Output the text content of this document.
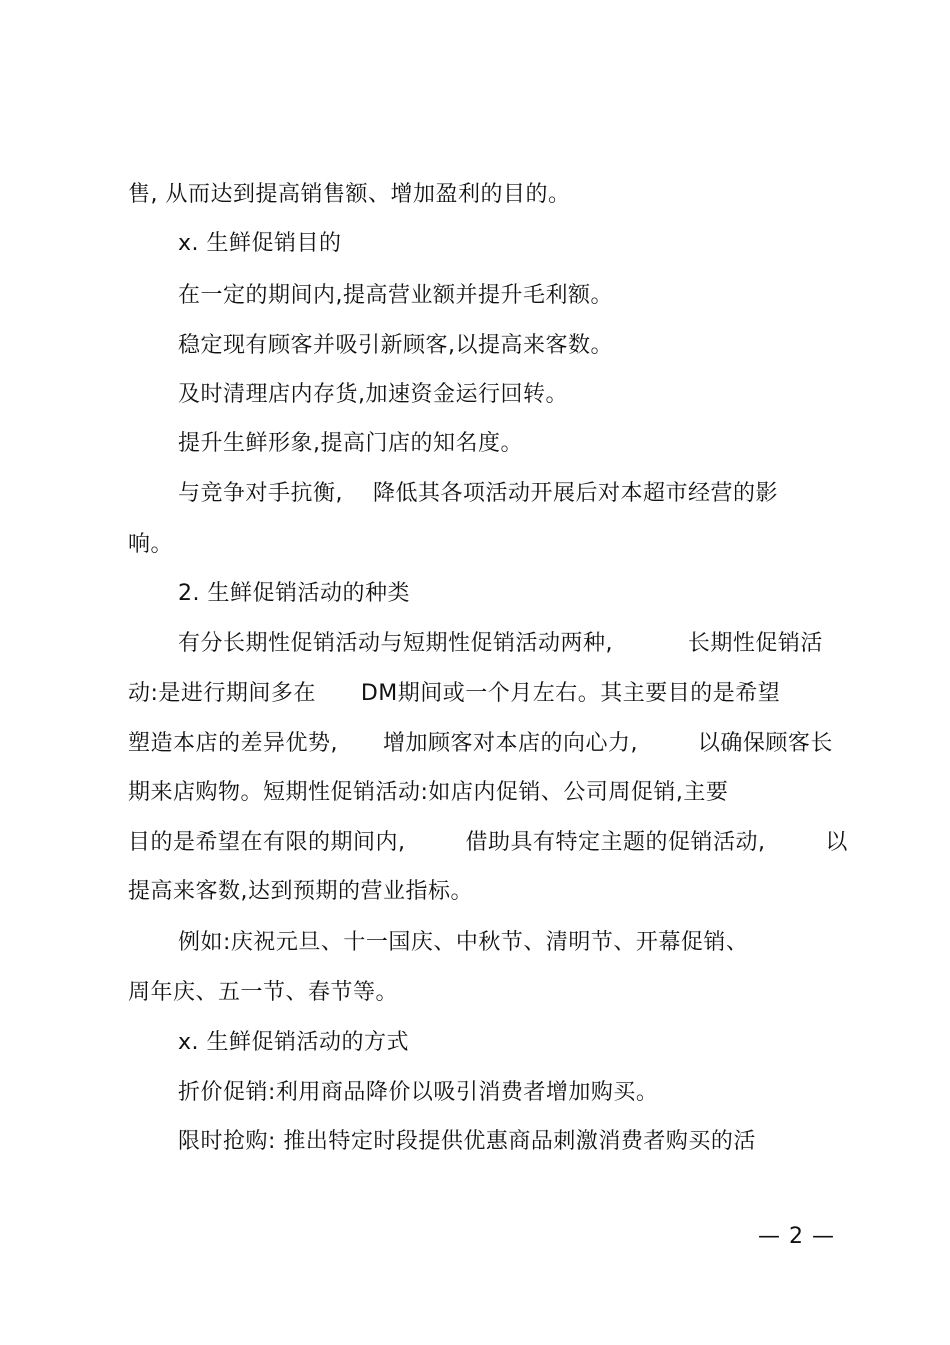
售, 从而达到提高销售额、增加盈利的目的。
x. 生鲜促销目的
在一定的期间内,提高营业额并提升毛利额。
稳定现有顾客并吸引新顾客,以提高来客数。
及时清理店内存货,加速资金运行回转。
提升生鲜形象,提高门店的知名度。
与竞争对手抗衡,    降低其各项活动开展后对本超市经营的影
响。
2. 生鲜促销活动的种类
有分长期性促销活动与短期性促销活动两种,          长期性促销活
动:是进行期间多在      DM期间或一个月左右。其主要目的是希望
塑造本店的差异优势,      增加顾客对本店的向心力,        以确保顾客长
期来店购物。短期性促销活动:如店内促销、公司周促销,主要
目的是希望在有限的期间内,        借助具有特定主题的促销活动,        以
提高来客数,达到预期的营业指标。
例如:庆祝元旦、十一国庆、中秋节、清明节、开幕促销、
周年庆、五一节、春节等。
x. 生鲜促销活动的方式
折价促销:利用商品降价以吸引消费者增加购买。
限时抢购: 推出特定时段提供优惠商品刺激消费者购买的活
— 2 —
